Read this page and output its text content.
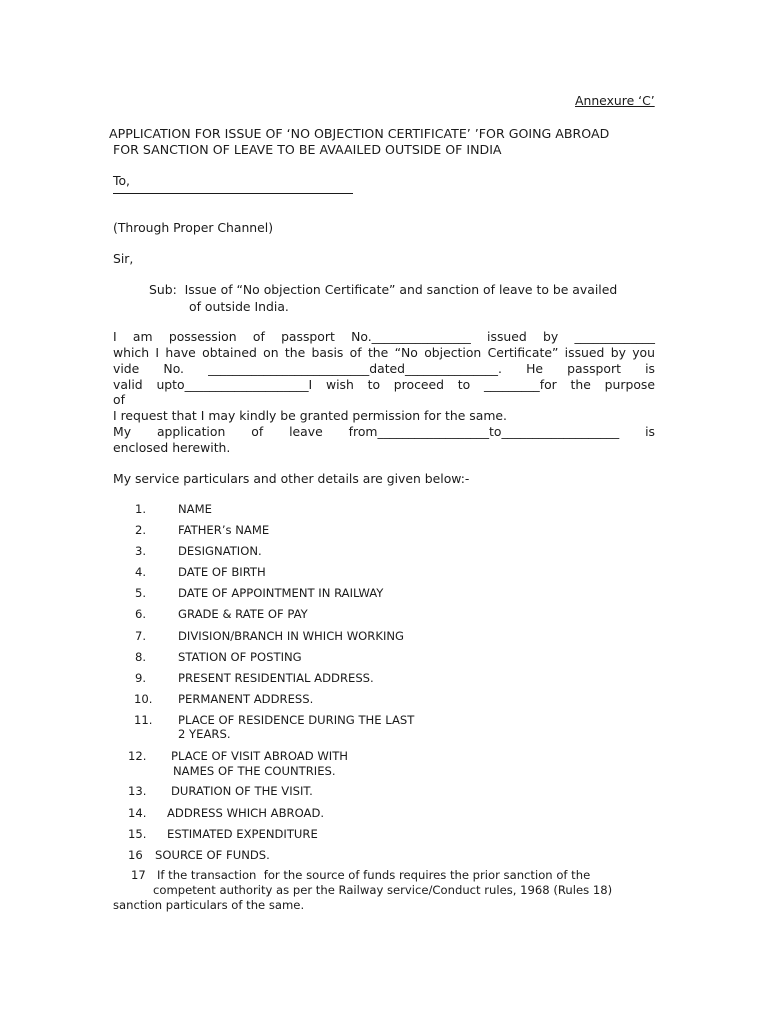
Annexure ‘C’
APPLICATION FOR ISSUE OF ‘NO OBJECTION CERTIFICATE’ ’FOR GOING ABROAD
FOR SANCTION OF LEAVE TO BE AVAAILED OUTSIDE OF INDIA
To,
(Through Proper Channel)
Sir,
Sub:  Issue of “No objection Certificate” and sanction of leave to be availed
of outside India.
I am possession of passport No.________________ issued by _____________
which I have obtained on the basis of the “No objection Certificate” issued by you
vide No. __________________________dated_______________. He passport is
valid upto____________________I wish to proceed to _________for the purpose
of
I request that I may kindly be granted permission for the same.
My application of leave from__________________to___________________ is
enclosed herewith.
My service particulars and other details are given below:-
1.	NAME
2.	FATHER’s NAME
3.	DESIGNATION.
4.	DATE OF BIRTH
5.	DATE OF APPOINTMENT IN RAILWAY
6.	GRADE & RATE OF PAY
7.	DIVISION/BRANCH IN WHICH WORKING
8.	STATION OF POSTING
9.	PRESENT RESIDENTIAL ADDRESS.
10. PERMANENT ADDRESS.
11. PLACE OF RESIDENCE DURING THE LAST
2 YEARS.
12. PLACE OF VISIT ABROAD WITH
NAMES OF THE COUNTRIES.
13. DURATION OF THE VISIT.
14. ADDRESS WHICH ABROAD.
15. ESTIMATED EXPENDITURE
16 SOURCE OF FUNDS.
17 If the transaction  for the source of funds requires the prior sanction of the
competent authority as per the Railway service/Conduct rules, 1968 (Rules 18)
sanction particulars of the same.
